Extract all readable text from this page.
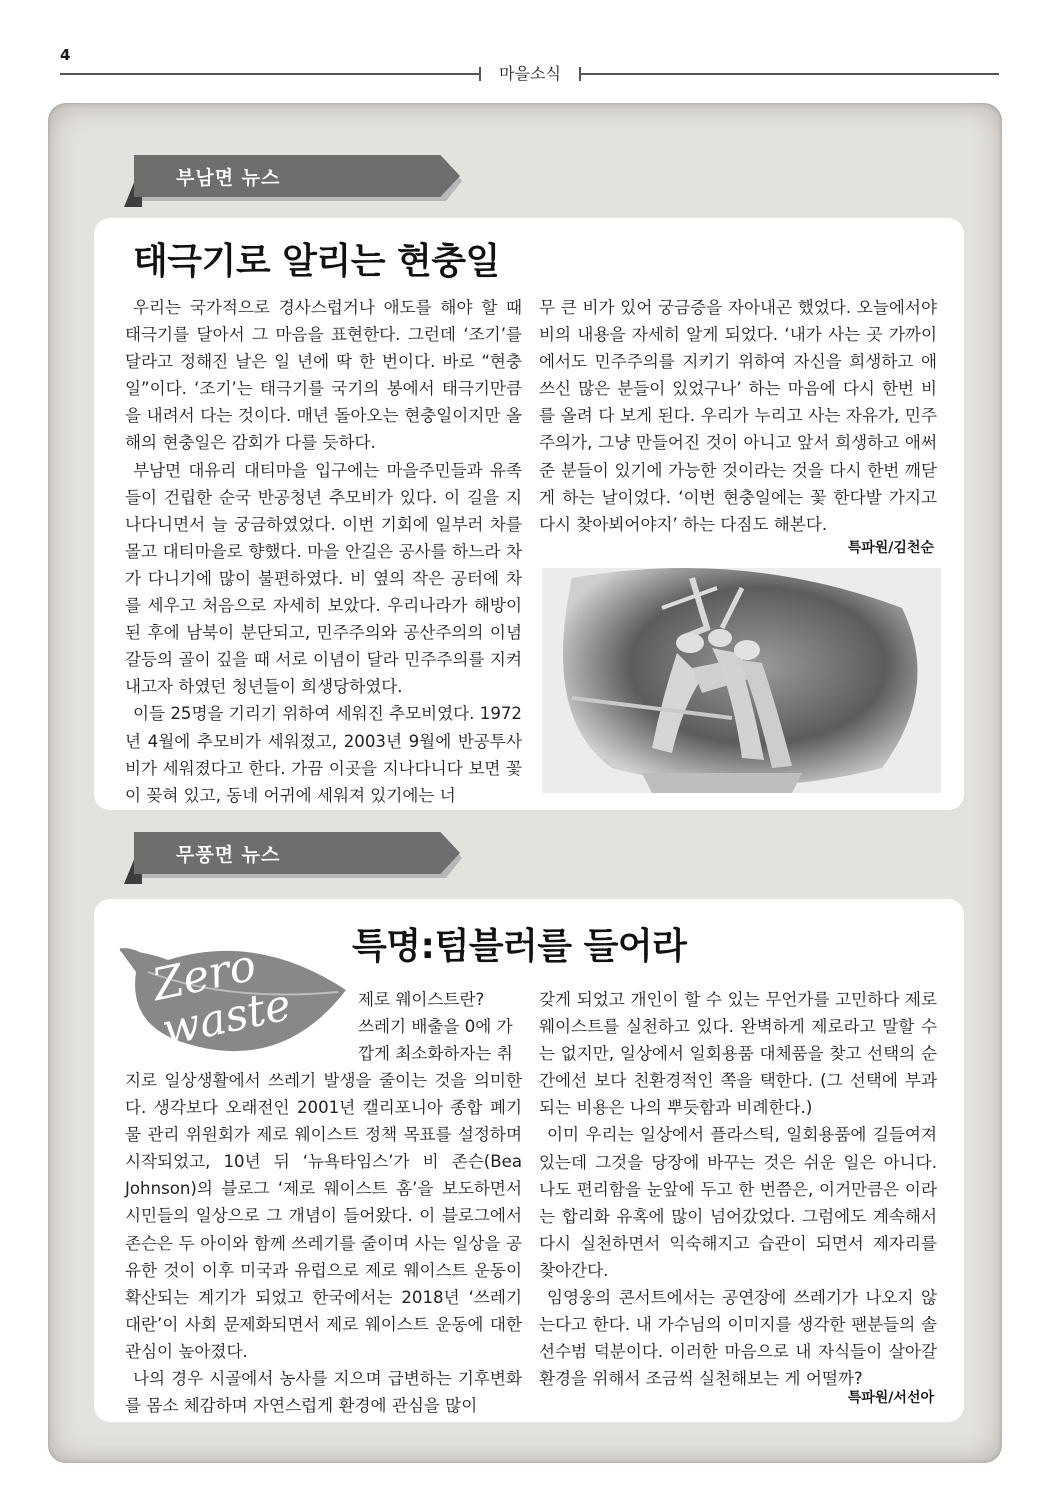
4
마을소식
부남면 뉴스
태극기로 알리는 현충일

우리는 국가적으로 경사스럽거나 애도를 해야 할 때 태극기를 달아서 그 마음을 표현한다. 그런데 ‘조기’를 달라고 정해진 날은 일 년에 딱 한 번이다. 바로 “현충일”이다. ‘조기’는 태극기를 국기의 봉에서 태극기만큼을 내려서 다는 것이다. 매년 돌아오는 현충일이지만 올해의 현충일은 감회가 다를 듯하다.

부남면 대유리 대티마을 입구에는 마을주민들과 유족들이 건립한 순국 반공청년 추모비가 있다. 이 길을 지나다니면서 늘 궁금하였었다. 이번 기회에 일부러 차를 몰고 대티마을로 향했다. 마을 안길은 공사를 하느라 차가 다니기에 많이 불편하였다. 비 옆의 작은 공터에 차를 세우고 처음으로 자세히 보았다. 우리나라가 해방이 된 후에 남북이 분단되고, 민주주의와 공산주의의 이념 갈등의 골이 깊을 때 서로 이념이 달라 민주주의를 지켜내고자 하였던 청년들이 희생당하였다.

이들 25명을 기리기 위하여 세워진 추모비였다. 1972년 4월에 추모비가 세워졌고, 2003년 9월에 반공투사비가 세워졌다고 한다. 가끔 이곳을 지나다니다 보면 꽃이 꽂혀 있고, 동네 어귀에 세워져 있기에는 너

무 큰 비가 있어 궁금증을 자아내곤 했었다. 오늘에서야 비의 내용을 자세히 알게 되었다. ‘내가 사는 곳 가까이에서도 민주주의를 지키기 위하여 자신을 희생하고 애쓰신 많은 분들이 있었구나’ 하는 마음에 다시 한번 비를 올려 다 보게 된다. 우리가 누리고 사는 자유가, 민주주의가, 그냥 만들어진 것이 아니고 앞서 희생하고 애써 준 분들이 있기에 가능한 것이라는 것을 다시 한번 깨닫게 하는 날이었다. ‘이번 현충일에는 꽃 한다발 가지고 다시 찾아뵈어야지’ 하는 다짐도 해본다.

특파원/김천순
무풍면 뉴스
특명:텀블러를 들어라
Zero waste	제로 웨이스트란?
쓰레기 배출을 0에 가
깝게 최소화하자는 취

지로 일상생활에서 쓰레기 발생을 줄이는 것을 의미한다. 생각보다 오래전인 2001년 캘리포니아 종합 폐기물 관리 위원회가 제로 웨이스트 정책 목표를 설정하며 시작되었고, 10년 뒤 ‘뉴욕타임스’가 비 존슨(Bea Johnson)의 블로그 ‘제로 웨이스트 홈’을 보도하면서 시민들의 일상으로 그 개념이 들어왔다. 이 블로그에서 존슨은 두 아이와 함께 쓰레기를 줄이며 사는 일상을 공유한 것이 이후 미국과 유럽으로 제로 웨이스트 운동이 확산되는 계기가 되었고 한국에서는 2018년 ‘쓰레기 대란’이 사회 문제화되면서 제로 웨이스트 운동에 대한 관심이 높아졌다.

나의 경우 시골에서 농사를 지으며 급변하는 기후변화를 몸소 체감하며 자연스럽게 환경에 관심을 많이

갖게 되었고 개인이 할 수 있는 무언가를 고민하다 제로 웨이스트를 실천하고 있다. 완벽하게 제로라고 말할 수는 없지만, 일상에서 일회용품 대체품을 찾고 선택의 순간에선 보다 친환경적인 쪽을 택한다. (그 선택에 부과되는 비용은 나의 뿌듯함과 비례한다.)

이미 우리는 일상에서 플라스틱, 일회용품에 길들여져 있는데 그것을 당장에 바꾸는 것은 쉬운 일은 아니다. 나도 편리함을 눈앞에 두고 한 번쯤은, 이거만큼은 이라는 합리화 유혹에 많이 넘어갔었다. 그럼에도 계속해서 다시 실천하면서 익숙해지고 습관이 되면서 제자리를 찾아간다.

임영웅의 콘서트에서는 공연장에 쓰레기가 나오지 않는다고 한다. 내 가수님의 이미지를 생각한 팬분들의 솔선수범 덕분이다. 이러한 마음으로 내 자식들이 살아갈 환경을 위해서 조금씩 실천해보는 게 어떨까?

특파원/서선아
